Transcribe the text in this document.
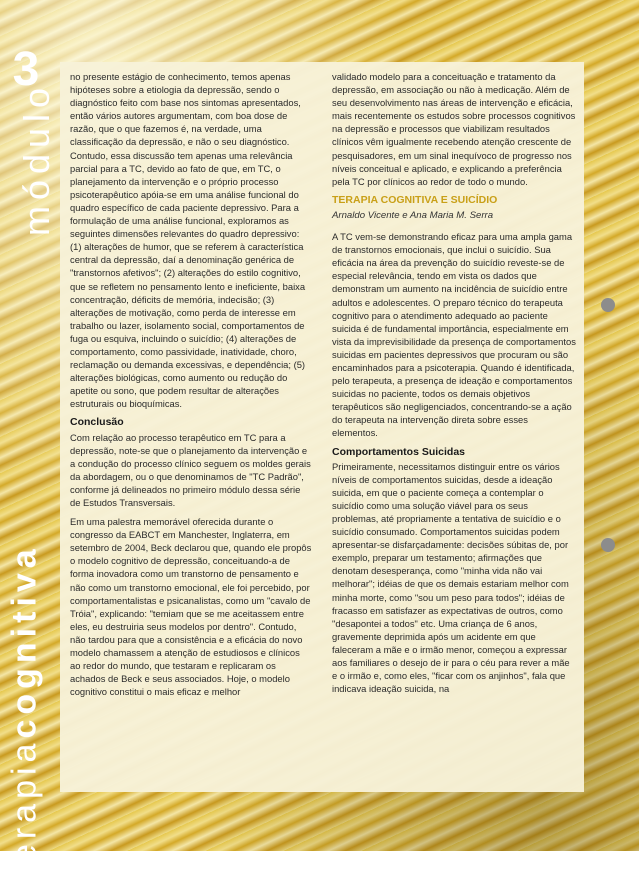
3
módulo
terapiacognitiva

no presente estágio de conhecimento, temos apenas hipóteses sobre a etiologia da depressão, sendo o diagnóstico feito com base nos sintomas apresentados, então vários autores argumentam, com boa dose de razão, que o que fazemos é, na verdade, uma classificação da depressão, e não o seu diagnóstico. Contudo, essa discussão tem apenas uma relevância parcial para a TC, devido ao fato de que, em TC, o planejamento da intervenção e o próprio processo psicoterapêutico apóia-se em uma análise funcional do quadro específico de cada paciente depressivo. Para a formulação de uma análise funcional, exploramos as seguintes dimensões relevantes do quadro depressivo: (1) alterações de humor, que se referem à característica central da depressão, daí a denominação genérica de "transtornos afetivos"; (2) alterações do estilo cognitivo, que se refletem no pensamento lento e ineficiente, baixa concentração, déficits de memória, indecisão; (3) alterações de motivação, como perda de interesse em trabalho ou lazer, isolamento social, comportamentos de fuga ou esquiva, incluindo o suicídio; (4) alterações de comportamento, como passividade, inatividade, choro, reclamação ou demanda excessivas, e dependência; (5) alterações biológicas, como aumento ou redução do apetite ou sono, que podem resultar de alterações estruturais ou bioquímicas.

Conclusão

Com relação ao processo terapêutico em TC para a depressão, note-se que o planejamento da intervenção e a condução do processo clínico seguem os moldes gerais da abordagem, ou o que denominamos de "TC Padrão", conforme já delineados no primeiro módulo dessa série de Estudos Transversais.

Em uma palestra memorável oferecida durante o congresso da EABCT em Manchester, Inglaterra, em setembro de 2004, Beck declarou que, quando ele propôs o modelo cognitivo de depressão, conceituando-a de forma inovadora como um transtorno de pensamento e não como um transtorno emocional, ele foi percebido, por comportamentalistas e psicanalistas, como um "cavalo de Tróia", explicando: "temiam que se me aceitassem entre eles, eu destruiria seus modelos por dentro". Contudo, não tardou para que a consistência e a eficácia do novo modelo chamassem a atenção de estudiosos e clínicos ao redor do mundo, que testaram e replicaram os achados de Beck e seus associados. Hoje, o modelo cognitivo constitui o mais eficaz e melhor

validado modelo para a conceituação e tratamento da depressão, em associação ou não à medicação. Além de seu desenvolvimento nas áreas de intervenção e eficácia, mais recentemente os estudos sobre processos cognitivos na depressão e processos que viabilizam resultados clínicos vêm igualmente recebendo atenção crescente de pesquisadores, em um sinal inequívoco de progresso nos níveis conceitual e aplicado, e explicando a preferência pela TC por clínicos ao redor de todo o mundo.

TERAPIA COGNITIVA E SUICÍDIO
Arnaldo Vicente e Ana Maria M. Serra

A TC vem-se demonstrando eficaz para uma ampla gama de transtornos emocionais, que inclui o suicídio. Sua eficácia na área da prevenção do suicídio reveste-se de especial relevância, tendo em vista os dados que demonstram um aumento na incidência de suicídio entre adultos e adolescentes. O preparo técnico do terapeuta cognitivo para o atendimento adequado ao paciente suicida é de fundamental importância, especialmente em vista da imprevisibilidade da presença de comportamentos suicidas em pacientes depressivos que procuram ou são encaminhados para a psicoterapia. Quando é identificada, pelo terapeuta, a presença de ideação e comportamentos suicidas no paciente, todos os demais objetivos terapêuticos são negligenciados, concentrando-se a ação do terapeuta na intervenção direta sobre esses elementos.

Comportamentos Suicidas

Primeiramente, necessitamos distinguir entre os vários níveis de comportamentos suicidas, desde a ideação suicida, em que o paciente começa a contemplar o suicídio como uma solução viável para os seus problemas, até propriamente a tentativa de suicídio e o suicídio consumado. Comportamentos suicidas podem apresentar-se disfarçadamente: decisões súbitas de, por exemplo, preparar um testamento; afirmações que denotam desesperança, como "minha vida não vai melhorar"; idéias de que os demais estariam melhor com minha morte, como "sou um peso para todos"; idéias de fracasso em satisfazer as expectativas de outros, como "desapontei a todos" etc. Uma criança de 6 anos, gravemente deprimida após um acidente em que faleceram a mãe e o irmão menor, começou a expressar aos familiares o desejo de ir para o céu para rever a mãe e o irmão e, como eles, "ficar com os anjinhos", fala que indicava ideação suicida, na
